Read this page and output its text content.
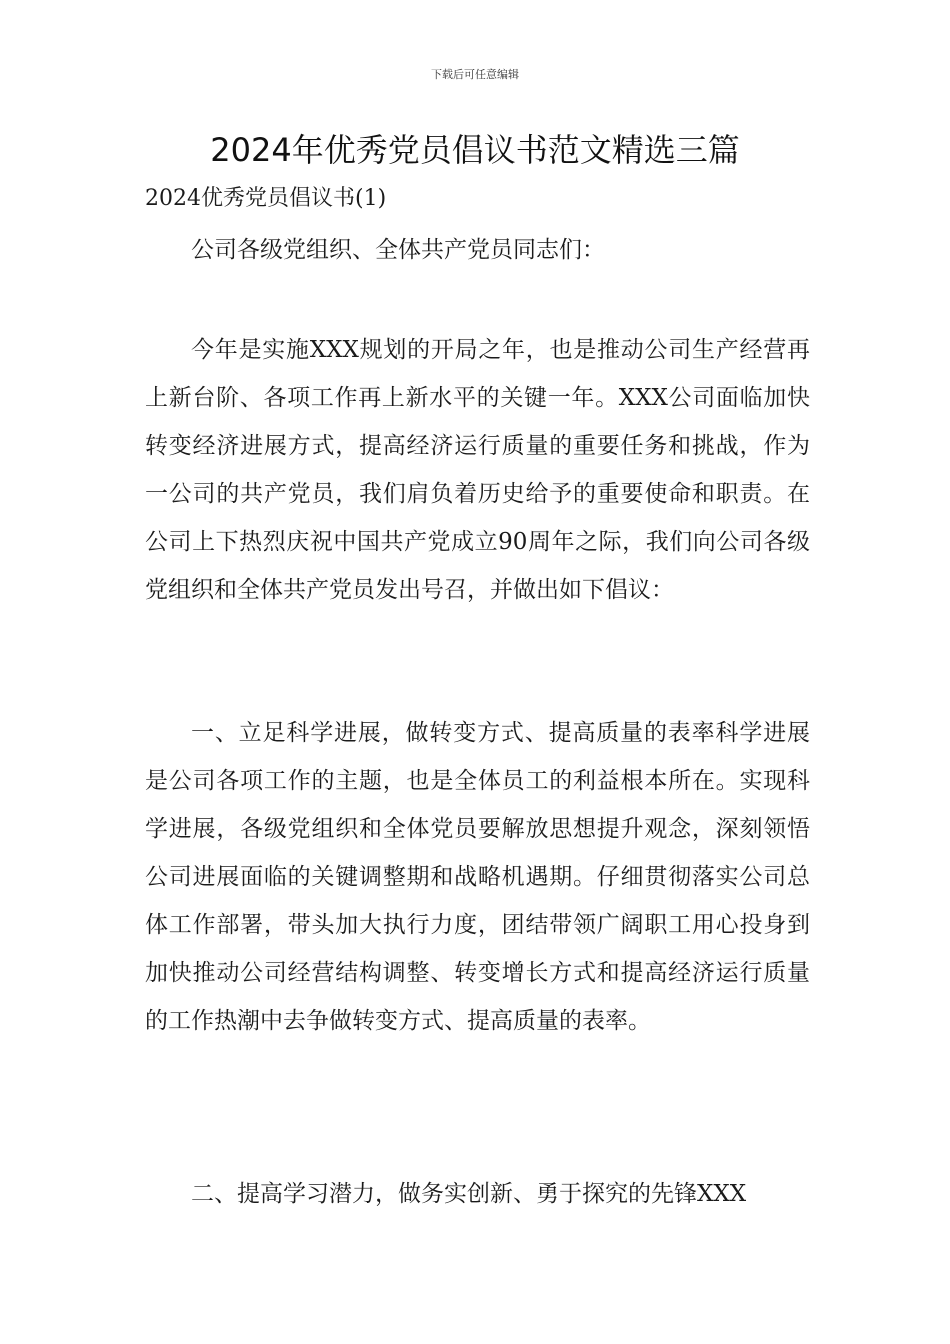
下载后可任意编辑
2024年优秀党员倡议书范文精选三篇

2024优秀党员倡议书(1)

公司各级党组织、全体共产党员同志们：

今年是实施XXX规划的开局之年，也是推动公司生产经营再上新台阶、各项工作再上新水平的关键一年。XXX公司面临加快转变经济进展方式，提高经济运行质量的重要任务和挑战，作为一公司的共产党员，我们肩负着历史给予的重要使命和职责。在公司上下热烈庆祝中国共产党成立90周年之际，我们向公司各级党组织和全体共产党员发出号召，并做出如下倡议：

一、立足科学进展，做转变方式、提高质量的表率科学进展是公司各项工作的主题，也是全体员工的利益根本所在。实现科学进展，各级党组织和全体党员要解放思想提升观念，深刻领悟公司进展面临的关键调整期和战略机遇期。仔细贯彻落实公司总体工作部署，带头加大执行力度，团结带领广阔职工用心投身到加快推动公司经营结构调整、转变增长方式和提高经济运行质量的工作热潮中去争做转变方式、提高质量的表率。

二、提高学习潜力，做务实创新、勇于探究的先锋XXX
